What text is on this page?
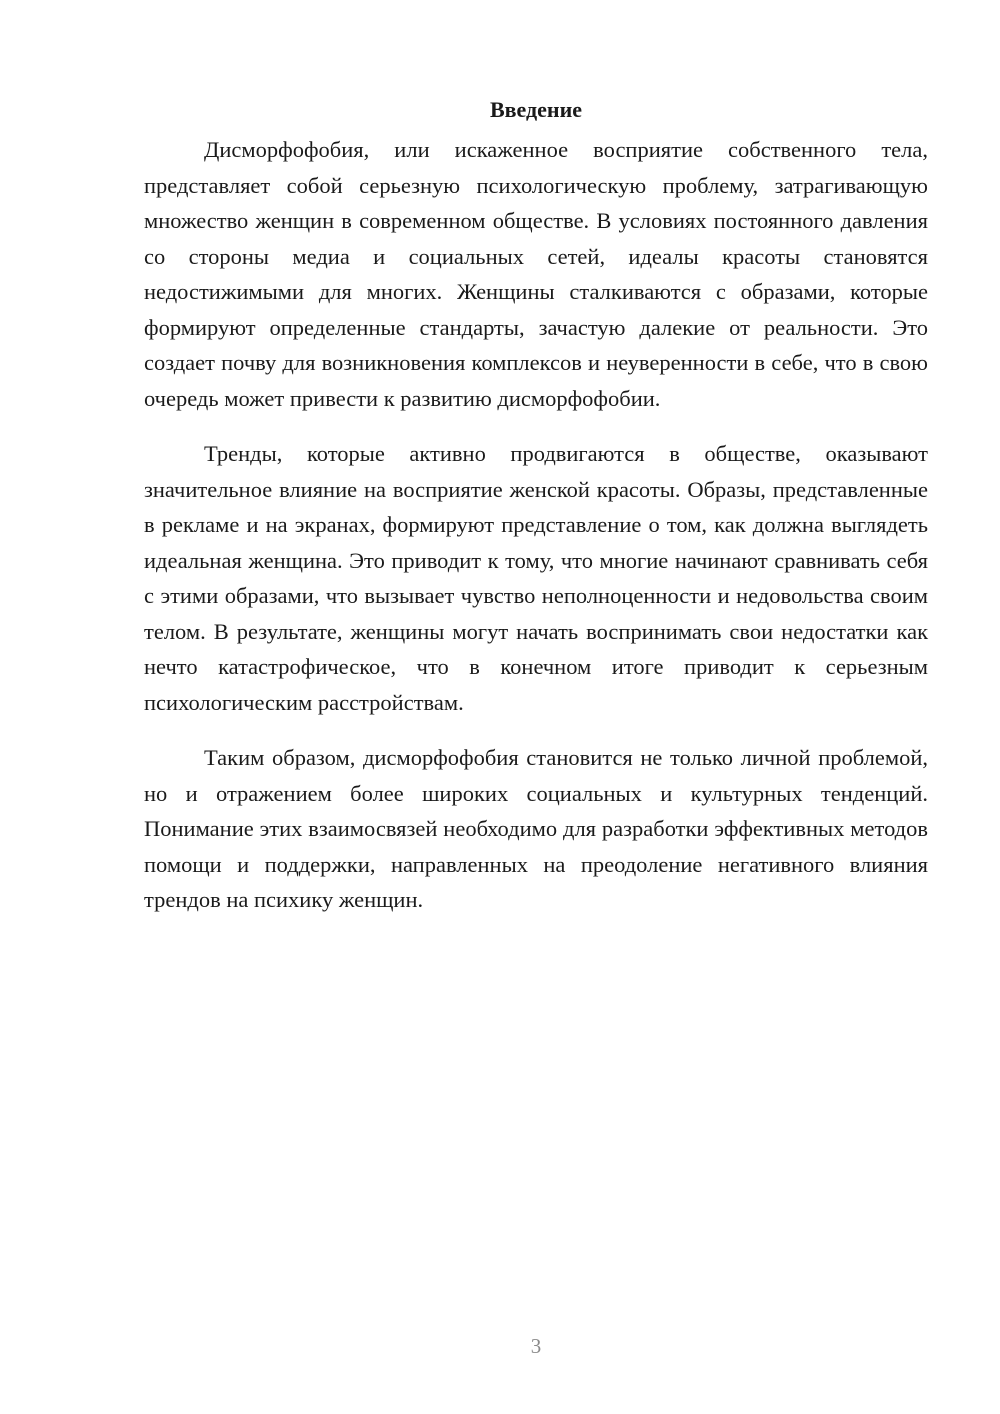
Введение

Дисморфофобия, или искаженное восприятие собственного тела, представляет собой серьезную психологическую проблему, затрагивающую множество женщин в современном обществе. В условиях постоянного давления со стороны медиа и социальных сетей, идеалы красоты становятся недостижимыми для многих. Женщины сталкиваются с образами, которые формируют определенные стандарты, зачастую далекие от реальности. Это создает почву для возникновения комплексов и неуверенности в себе, что в свою очередь может привести к развитию дисморфофобии.

Тренды, которые активно продвигаются в обществе, оказывают значительное влияние на восприятие женской красоты. Образы, представленные в рекламе и на экранах, формируют представление о том, как должна выглядеть идеальная женщина. Это приводит к тому, что многие начинают сравнивать себя с этими образами, что вызывает чувство неполноценности и недовольства своим телом. В результате, женщины могут начать воспринимать свои недостатки как нечто катастрофическое, что в конечном итоге приводит к серьезным психологическим расстройствам.

Таким образом, дисморфофобия становится не только личной проблемой, но и отражением более широких социальных и культурных тенденций. Понимание этих взаимосвязей необходимо для разработки эффективных методов помощи и поддержки, направленных на преодоление негативного влияния трендов на психику женщин.

3
